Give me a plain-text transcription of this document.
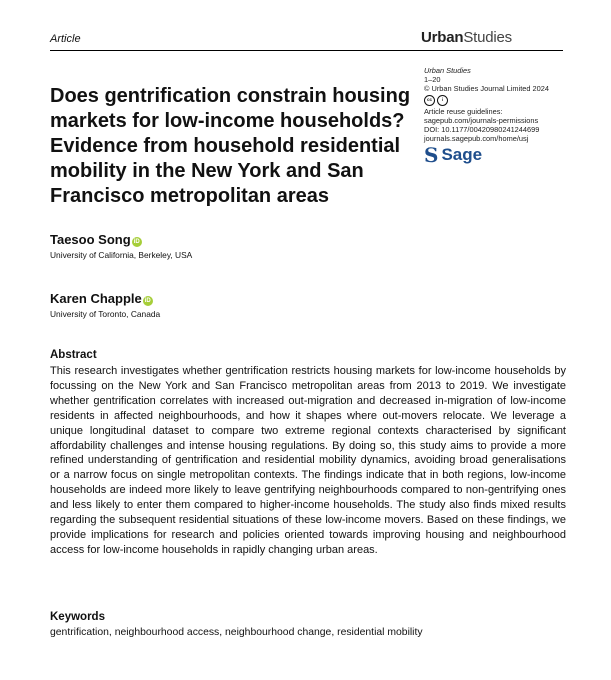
Article	UrbanStudies
Urban Studies
1–20
© Urban Studies Journal Limited 2024
cc	i
Article reuse guidelines:
sagepub.com/journals-permissions
DOI: 10.1177/00420980241244699
journals.sagepub.com/home/usj
S Sage
Does gentrification constrain housing markets for low-income households? Evidence from household residential mobility in the New York and San Francisco metropolitan areas
Taesoo Song iD
University of California, Berkeley, USA
Karen Chapple iD
University of Toronto, Canada
Abstract
This research investigates whether gentrification restricts housing markets for low-income households by focussing on the New York and San Francisco metropolitan areas from 2013 to 2019. We investigate whether gentrification correlates with increased out-migration and decreased in-migration of low-income residents in affected neighbourhoods, and how it shapes where out-movers relocate. We leverage a unique longitudinal dataset to compare two extreme regional contexts characterised by significant affordability challenges and intense housing regulations. By doing so, this study aims to provide a more refined understanding of gentrification and residential mobility dynamics, avoiding broad generalisations or a narrow focus on single metropolitan contexts. The findings indicate that in both regions, low-income households are indeed more likely to leave gentrifying neighbourhoods compared to non-gentrifying ones and less likely to enter them compared to higher-income households. The study also finds mixed results regarding the subsequent residential situations of these low-income movers. Based on these findings, we provide implications for research and policies oriented towards improving housing and neighbourhood access for low-income households in rapidly changing urban areas.
Keywords
gentrification, neighbourhood access, neighbourhood change, residential mobility
